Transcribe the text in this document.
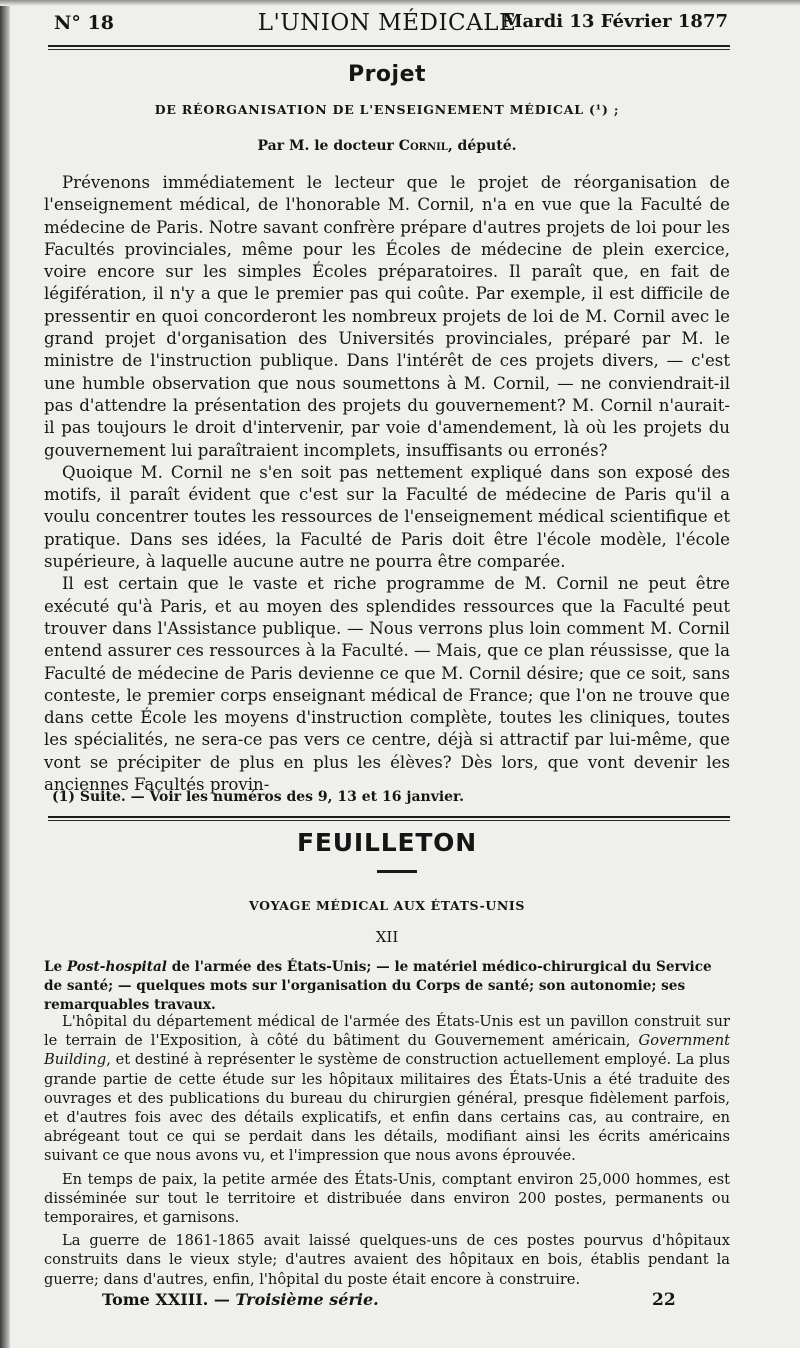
N° 18	L'UNION MÉDICALE
Mardi 13 Février 1877
Projet
DE RÉORGANISATION DE L'ENSEIGNEMENT MÉDICAL (¹) ;
Par M. le docteur Cornil, député.

Prévenons immédiatement le lecteur que le projet de réorganisation de l'enseignement médical, de l'honorable M. Cornil, n'a en vue que la Faculté de médecine de Paris. Notre savant confrère prépare d'autres projets de loi pour les Facultés provinciales, même pour les Écoles de médecine de plein exercice, voire encore sur les simples Écoles préparatoires. Il paraît que, en fait de légifération, il n'y a que le premier pas qui coûte. Par exemple, il est difficile de pressentir en quoi concorderont les nombreux projets de loi de M. Cornil avec le grand projet d'organisation des Universités provinciales, préparé par M. le ministre de l'instruction publique. Dans l'intérêt de ces projets divers, — c'est une humble observation que nous soumettons à M. Cornil, — ne conviendrait-il pas d'attendre la présentation des projets du gouvernement? M. Cornil n'aurait-il pas toujours le droit d'intervenir, par voie d'amendement, là où les projets du gouvernement lui paraîtraient incomplets, insuffisants ou erronés?

Quoique M. Cornil ne s'en soit pas nettement expliqué dans son exposé des motifs, il paraît évident que c'est sur la Faculté de médecine de Paris qu'il a voulu concentrer toutes les ressources de l'enseignement médical scientifique et pratique. Dans ses idées, la Faculté de Paris doit être l'école modèle, l'école supérieure, à laquelle aucune autre ne pourra être comparée.

Il est certain que le vaste et riche programme de M. Cornil ne peut être exécuté qu'à Paris, et au moyen des splendides ressources que la Faculté peut trouver dans l'Assistance publique. — Nous verrons plus loin comment M. Cornil entend assurer ces ressources à la Faculté. — Mais, que ce plan réussisse, que la Faculté de médecine de Paris devienne ce que M. Cornil désire; que ce soit, sans conteste, le premier corps enseignant médical de France; que l'on ne trouve que dans cette École les moyens d'instruction complète, toutes les cliniques, toutes les spécialités, ne sera-ce pas vers ce centre, déjà si attractif par lui-même, que vont se précipiter de plus en plus les élèves? Dès lors, que vont devenir les anciennes Facultés provin-

(1) Suite. — Voir les numéros des 9, 13 et 16 janvier.
FEUILLETON
VOYAGE MÉDICAL AUX ÉTATS-UNIS
XII
Le Post-hospital de l'armée des États-Unis; — le matériel médico-chirurgical du Service de santé; — quelques mots sur l'organisation du Corps de santé; son autonomie; ses remarquables travaux.

L'hôpital du département médical de l'armée des États-Unis est un pavillon construit sur le terrain de l'Exposition, à côté du bâtiment du Gouvernement américain, Government Building, et destiné à représenter le système de construction actuellement employé. La plus grande partie de cette étude sur les hôpitaux militaires des États-Unis a été traduite des ouvrages et des publications du bureau du chirurgien général, presque fidèlement parfois, et d'autres fois avec des détails explicatifs, et enfin dans certains cas, au contraire, en abrégeant tout ce qui se perdait dans les détails, modifiant ainsi les écrits américains suivant ce que nous avons vu, et l'impression que nous avons éprouvée.

En temps de paix, la petite armée des États-Unis, comptant environ 25,000 hommes, est disséminée sur tout le territoire et distribuée dans environ 200 postes, permanents ou temporaires, et garnisons.

La guerre de 1861-1865 avait laissé quelques-uns de ces postes pourvus d'hôpitaux construits dans le vieux style; d'autres avaient des hôpitaux en bois, établis pendant la guerre; dans d'autres, enfin, l'hôpital du poste était encore à construire.

Tome XXIII. — Troisième série.	22
